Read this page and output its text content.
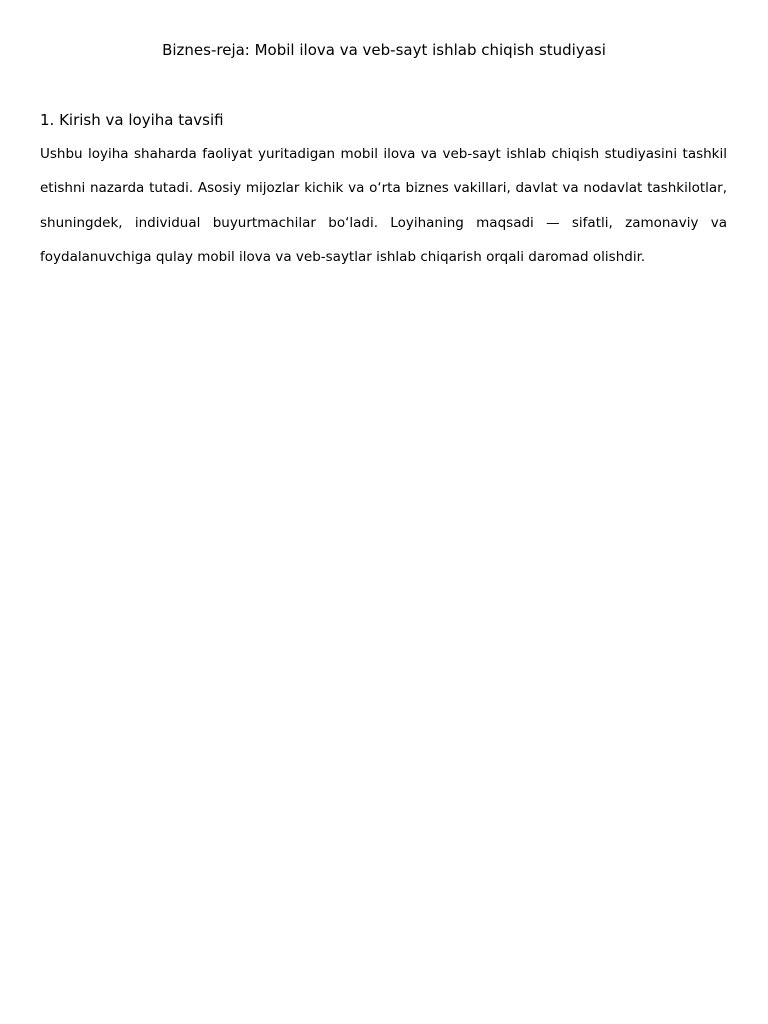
Biznes-reja: Mobil ilova va veb-sayt ishlab chiqish studiyasi
1. Kirish va loyiha tavsifi

Ushbu loyiha shaharda faoliyat yuritadigan mobil ilova va veb-sayt ishlab chiqish studiyasini tashkil etishni nazarda tutadi. Asosiy mijozlar kichik va o‘rta biznes vakillari, davlat va nodavlat tashkilotlar, shuningdek, individual buyurtmachilar bo‘ladi. Loyihaning maqsadi — sifatli, zamonaviy va foydalanuvchiga qulay mobil ilova va veb-saytlar ishlab chiqarish orqali daromad olishdir.
